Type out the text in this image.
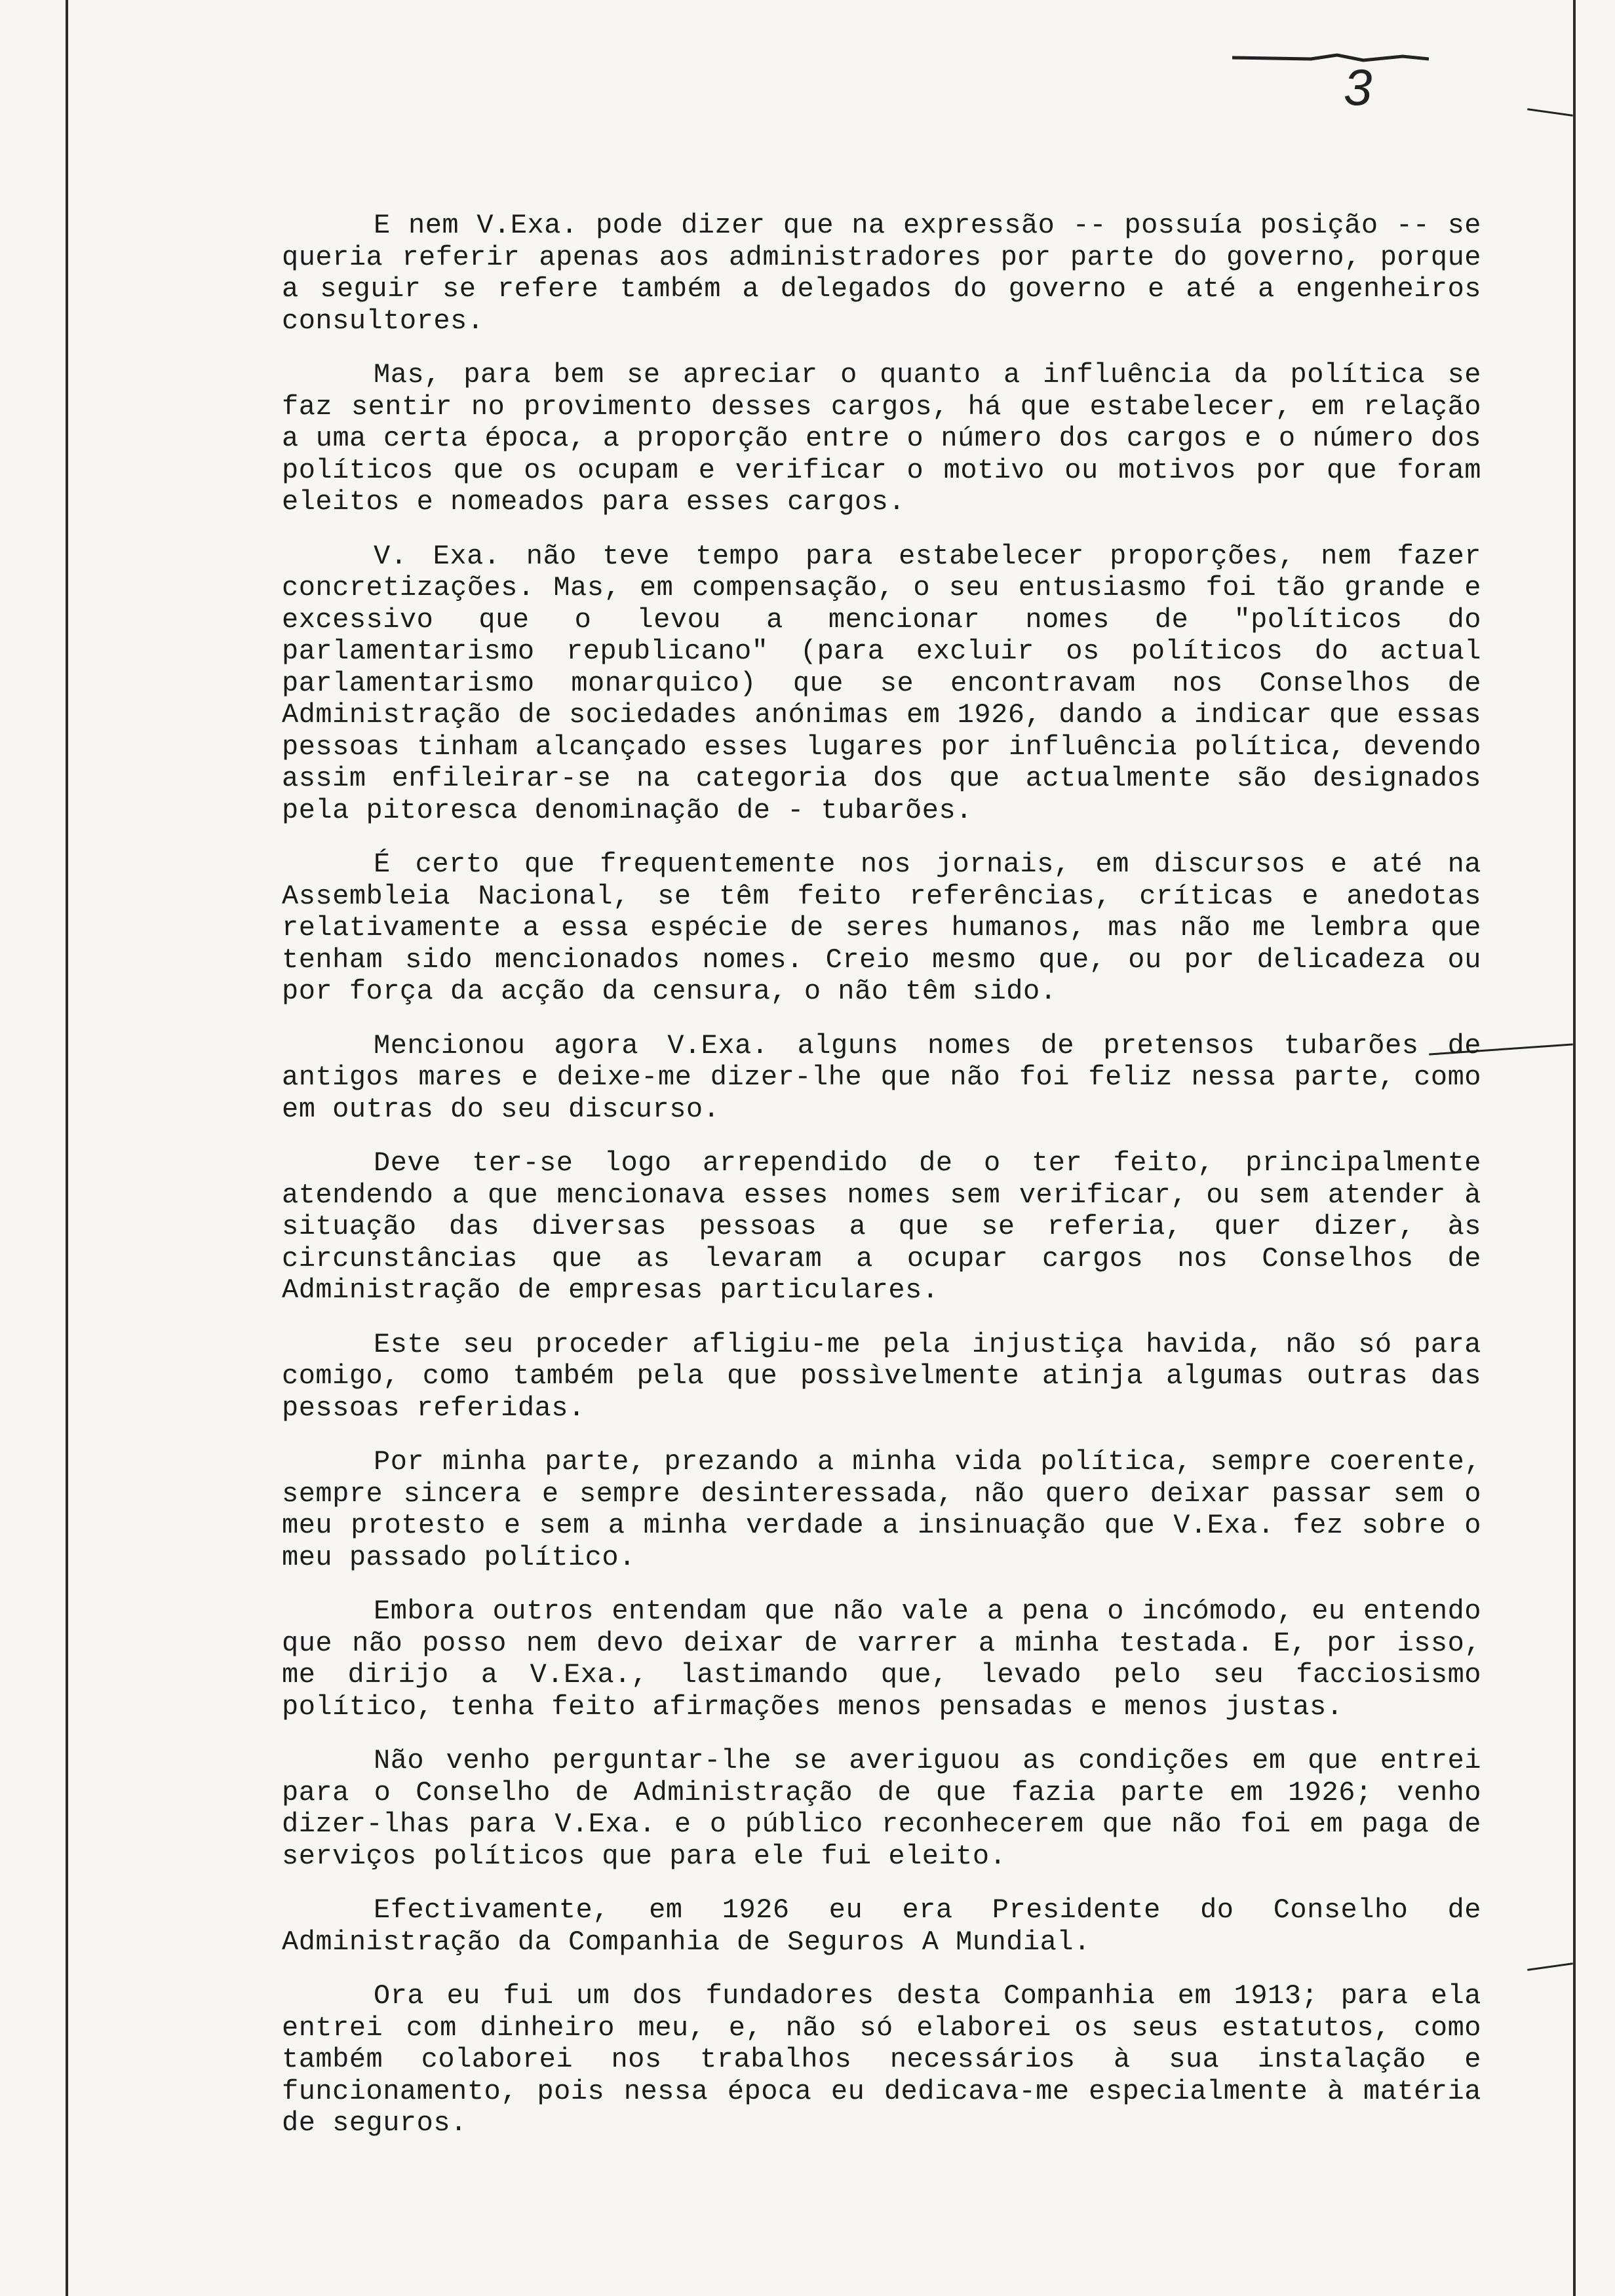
3

E nem V.Exa. pode dizer que na expressão -- possuía posição -- se queria referir apenas aos administradores por parte do governo, porque a seguir se refere também a delegados do governo e até a engenheiros consultores.

Mas, para bem se apreciar o quanto a influência da política se faz sentir no provimento desses cargos, há que estabelecer, em relação a uma certa época, a proporção entre o número dos cargos e o número dos políticos que os ocupam e verificar o motivo ou motivos por que foram eleitos e nomeados para esses cargos.

V. Exa. não teve tempo para estabelecer proporções, nem fazer concretizações. Mas, em compensação, o seu entusiasmo foi tão grande e excessivo que o levou a mencionar nomes de "políticos do parlamentarismo republicano" (para excluir os políticos do actual parlamentarismo monarquico) que se encontravam nos Conselhos de Administração de sociedades anónimas em 1926, dando a indicar que essas pessoas tinham alcançado esses lugares por influência política, devendo assim enfileirar-se na categoria dos que actualmente são designados pela pitoresca denominação de - tubarões.

É certo que frequentemente nos jornais, em discursos e até na Assembleia Nacional, se têm feito referências, críticas e anedotas relativamente a essa espécie de seres humanos, mas não me lembra que tenham sido mencionados nomes. Creio mesmo que, ou por delicadeza ou por força da acção da censura, o não têm sido.

Mencionou agora V.Exa. alguns nomes de pretensos tubarões de antigos mares e deixe-me dizer-lhe que não foi feliz nessa parte, como em outras do seu discurso.

Deve ter-se logo arrependido de o ter feito, principalmente atendendo a que mencionava esses nomes sem verificar, ou sem atender à situação das diversas pessoas a que se referia, quer dizer, às circunstâncias que as levaram a ocupar cargos nos Conselhos de Administração de empresas particulares.

Este seu proceder afligiu-me pela injustiça havida, não só para comigo, como também pela que possìvelmente atinja algumas outras das pessoas referidas.

Por minha parte, prezando a minha vida política, sempre coerente, sempre sincera e sempre desinteressada, não quero deixar passar sem o meu protesto e sem a minha verdade a insinuação que V.Exa. fez sobre o meu passado político.

Embora outros entendam que não vale a pena o incómodo, eu entendo que não posso nem devo deixar de varrer a minha testada. E, por isso, me dirijo a V.Exa., lastimando que, levado pelo seu facciosismo político, tenha feito afirmações menos pensadas e menos justas.

Não venho perguntar-lhe se averiguou as condições em que entrei para o Conselho de Administração de que fazia parte em 1926; venho dizer-lhas para V.Exa. e o público reconhecerem que não foi em paga de serviços políticos que para ele fui eleito.

Efectivamente, em 1926 eu era Presidente do Conselho de Administração da Companhia de Seguros A Mundial.

Ora eu fui um dos fundadores desta Companhia em 1913; para ela entrei com dinheiro meu, e, não só elaborei os seus estatutos, como também colaborei nos trabalhos necessários à sua instalação e funcionamento, pois nessa época eu dedicava-me especialmente à matéria de seguros.
